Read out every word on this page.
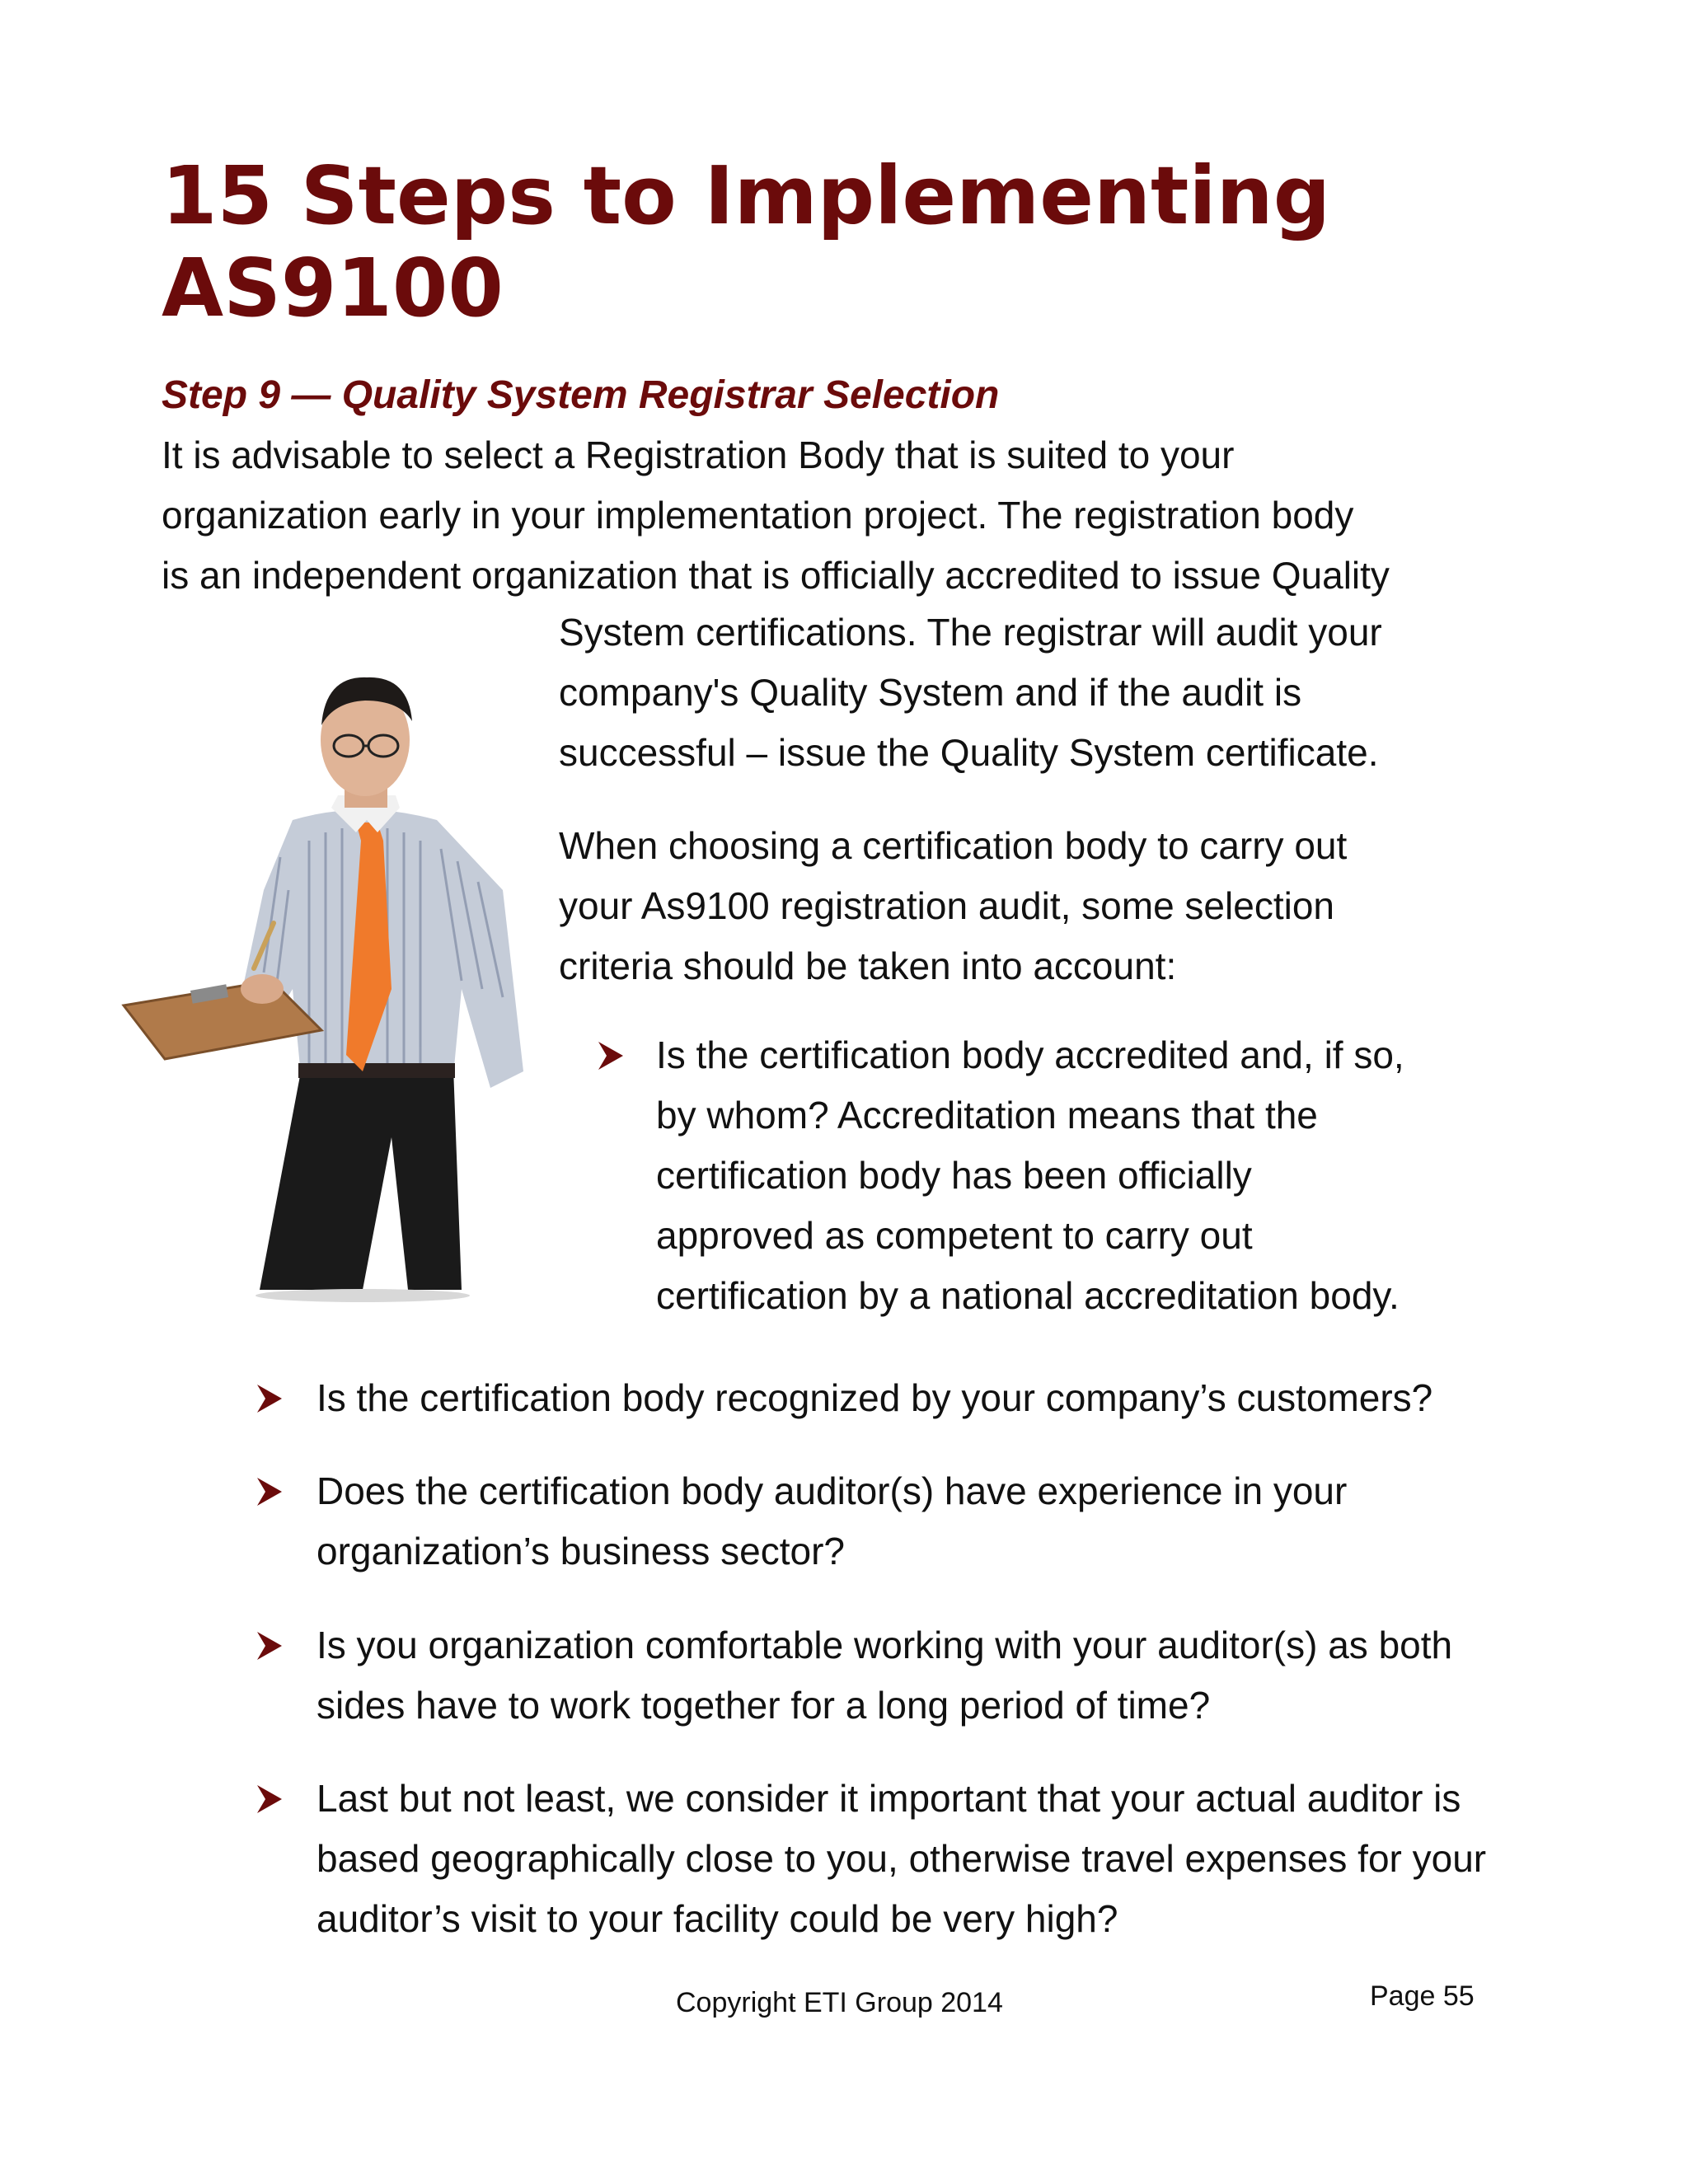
15 Steps to Implementing
AS9100
Step 9 — Quality System Registrar Selection

It is advisable to select a Registration Body that is suited to your

organization early in your implementation project. The registration body

is an independent organization that is officially accredited to issue Quality

System certifications. The registrar will audit your

company's Quality System and if the audit is

successful – issue the Quality System certificate.

When choosing a certification body to carry out

your As9100 registration audit, some selection

criteria should be taken into account:

Is the certification body accredited and, if so,
by whom? Accreditation means that the
certification body has been officially
approved as competent to carry out
certification by a national accreditation body.
Is the certification body recognized by your company’s customers?
Does the certification body auditor(s) have experience in your
organization’s business sector?
Is you organization comfortable working with your auditor(s) as both
sides have to work together for a long period of time?
Last but not least, we consider it important that your actual auditor is
based geographically close to you, otherwise travel expenses for your
auditor’s visit to your facility could be very high?
Copyright ETI Group 2014	Page 55
